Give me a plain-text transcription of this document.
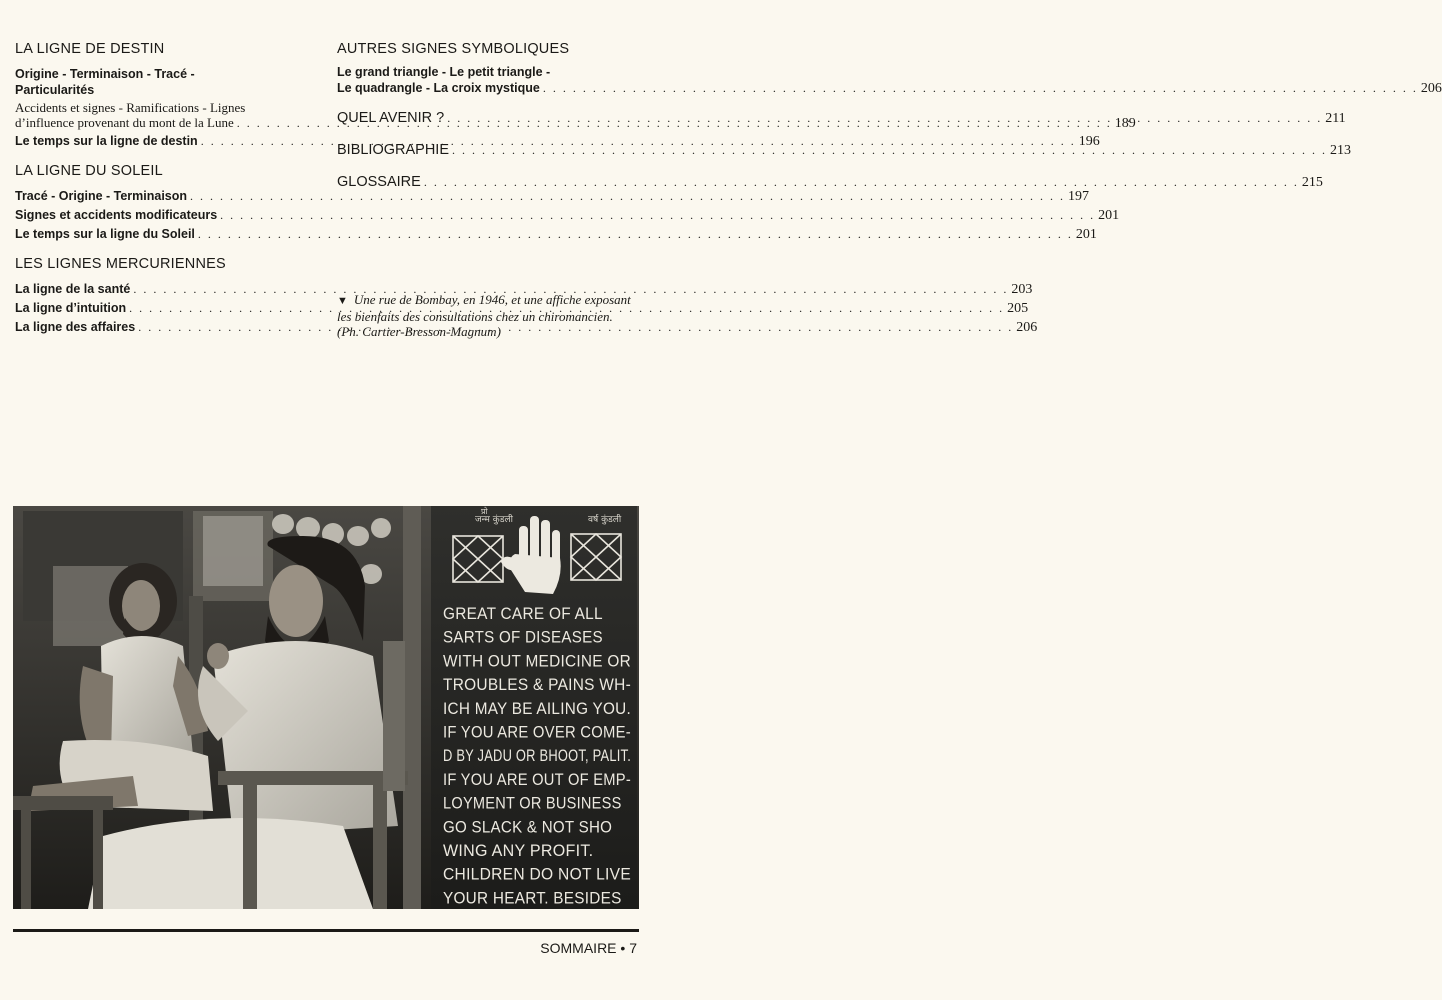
LA LIGNE DE DESTIN
Origine - Terminaison - Tracé -
Particularités
Accidents et signes - Ramifications - Lignes
d’influence provenant du mont de la Lune . . .	189
Le temps sur la ligne de destin . . .	196
LA LIGNE DU SOLEIL
Tracé - Origine - Terminaison . . .	197
Signes et accidents modificateurs . . .	201
Le temps sur la ligne du Soleil . . .	201
LES LIGNES MERCURIENNES
La ligne de la santé . . .	203
La ligne d’intuition . . .	205
La ligne des affaires . . .	206
AUTRES SIGNES SYMBOLIQUES
Le grand triangle - Le petit triangle -
Le quadrangle - La croix mystique . . .	206
QUEL AVENIR ? . . .	211
BIBLIOGRAPHIE . . .	213
GLOSSAIRE . . .	215
▼ Une rue de Bombay, en 1946, et une affiche exposant les bienfaits des consultations chez un chiromancien. (Ph. Cartier-Bresson-Magnum)
जन्म कुंडली	वर्ष कुंडली
प्रो
GREAT CARE OF ALL
SARTS OF DISEASES
WITH OUT MEDICINE OR
TROUBLES & PAINS WH-
ICH MAY BE AILING YOU.
IF YOU ARE OVER COME-
D BY JADU OR BHOOT, PALIT.
IF YOU ARE OUT OF EMP-
LOYMENT OR BUSINESS
GO SLACK & NOT SHO
WING ANY PROFIT.
CHILDREN DO NOT LIVE
YOUR HEART. BESIDES
SOMMAIRE • 7
